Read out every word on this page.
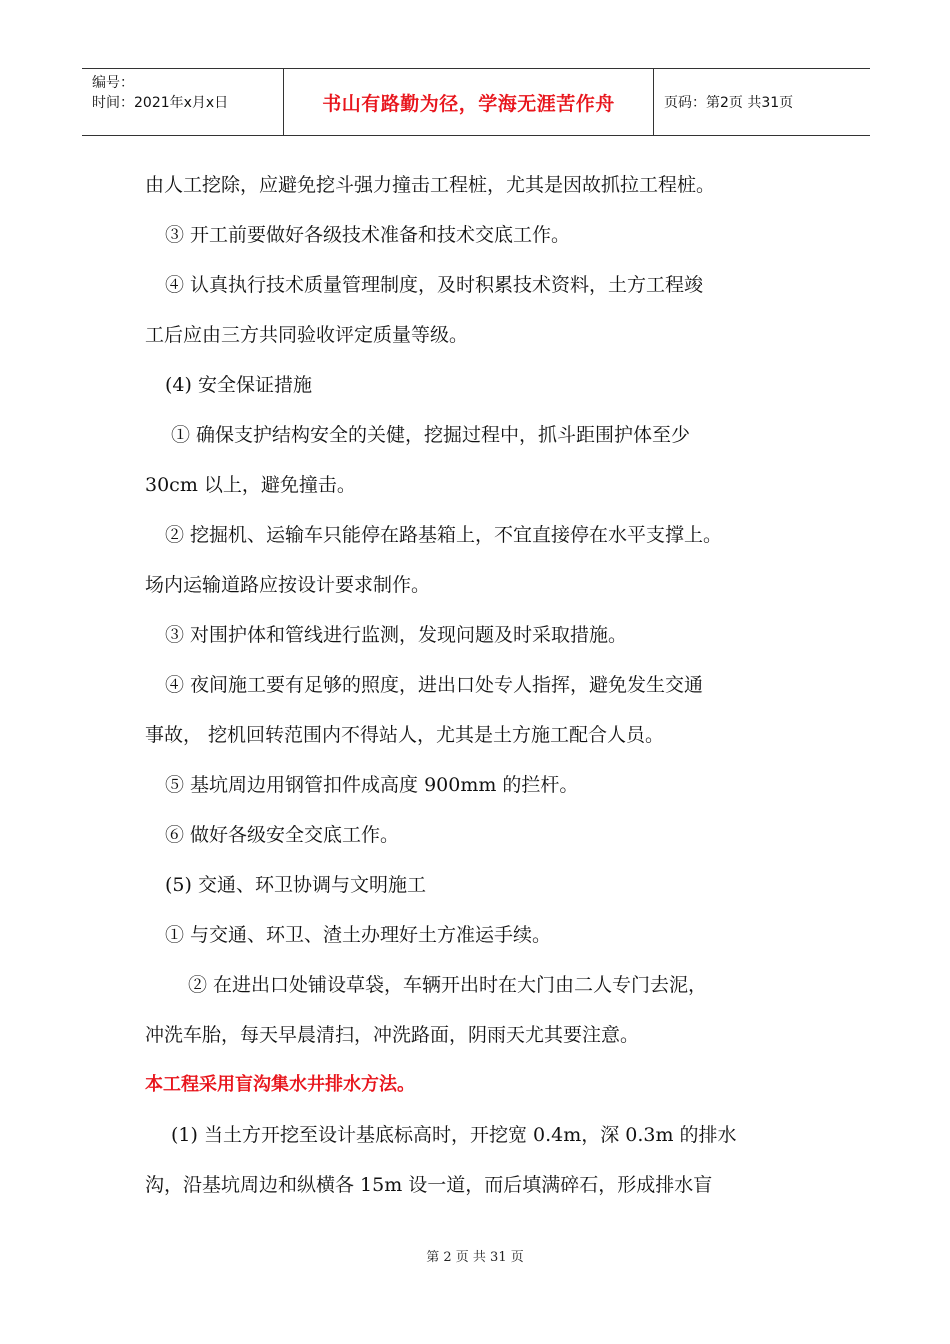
编号：
时间：2021年x月x日	书山有路勤为径，学海无涯苦作舟	页码：第2页 共31页
由人工挖除，应避免挖斗强力撞击工程桩，尤其是因故抓拉工程桩。
③ 开工前要做好各级技术准备和技术交底工作。
④ 认真执行技术质量管理制度，及时积累技术资料，土方工程竣
工后应由三方共同验收评定质量等级。
(4) 安全保证措施
① 确保支护结构安全的关健，挖掘过程中，抓斗距围护体至少
30cm 以上，避免撞击。
② 挖掘机、运输车只能停在路基箱上，不宜直接停在水平支撑上。
场内运输道路应按设计要求制作。
③ 对围护体和管线进行监测，发现问题及时采取措施。
④ 夜间施工要有足够的照度，进出口处专人指挥，避免发生交通
事故， 挖机回转范围内不得站人，尤其是土方施工配合人员。
⑤ 基坑周边用钢管扣件成高度 900mm 的拦杆。
⑥ 做好各级安全交底工作。
(5) 交通、环卫协调与文明施工
① 与交通、环卫、渣土办理好土方准运手续。
② 在进出口处铺设草袋，车辆开出时在大门由二人专门去泥，
冲洗车胎，每天早晨清扫，冲洗路面，阴雨天尤其要注意。
本工程采用盲沟集水井排水方法。
(1) 当土方开挖至设计基底标高时，开挖宽 0.4m，深 0.3m 的排水
沟，沿基坑周边和纵横各 15m 设一道，而后填满碎石，形成排水盲
第 2 页 共 31 页
